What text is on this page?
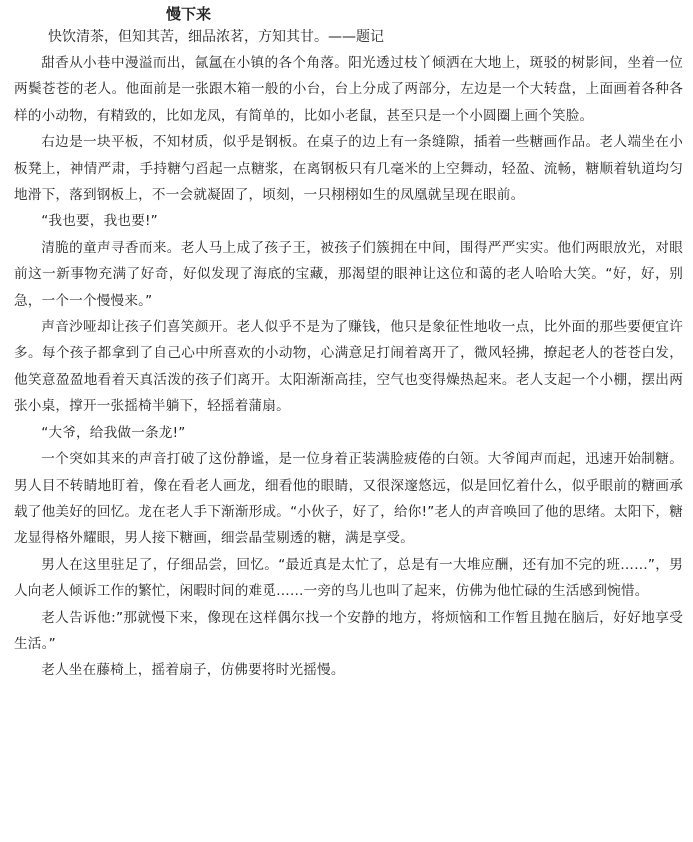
慢下来
快饮清茶，但知其苦，细品浓茗，方知其甘。——题记

甜香从小巷中漫溢而出，氤氲在小镇的各个角落。阳光透过枝丫倾洒在大地上，斑驳的树影间，坐着一位两鬓苍苍的老人。他面前是一张跟木箱一般的小台，台上分成了两部分，左边是一个大转盘，上面画着各种各样的小动物，有精致的，比如龙凤，有简单的，比如小老鼠，甚至只是一个小圆圈上画个笑脸。

右边是一块平板，不知材质，似乎是钢板。在桌子的边上有一条缝隙，插着一些糖画作品。老人端坐在小板凳上，神情严肃，手持糖勺舀起一点糖浆，在离钢板只有几毫米的上空舞动，轻盈、流畅，糖顺着轨道均匀地滑下，落到钢板上，不一会就凝固了，顷刻，一只栩栩如生的凤凰就呈现在眼前。

“我也要，我也要!”

清脆的童声寻香而来。老人马上成了孩子王，被孩子们簇拥在中间，围得严严实实。他们两眼放光，对眼前这一新事物充满了好奇，好似发现了海底的宝藏，那渴望的眼神让这位和蔼的老人哈哈大笑。“好，好，别急，一个一个慢慢来。”

声音沙哑却让孩子们喜笑颜开。老人似乎不是为了赚钱，他只是象征性地收一点，比外面的那些要便宜许多。每个孩子都拿到了自己心中所喜欢的小动物，心满意足打闹着离开了，微风轻拂，撩起老人的苍苍白发，他笑意盈盈地看着天真活泼的孩子们离开。太阳渐渐高挂，空气也变得燥热起来。老人支起一个小棚，摆出两张小桌，撑开一张摇椅半躺下，轻摇着蒲扇。

“大爷，给我做一条龙!”

一个突如其来的声音打破了这份静谧，是一位身着正装满脸疲倦的白领。大爷闻声而起，迅速开始制糖。男人目不转睛地盯着，像在看老人画龙，细看他的眼睛，又很深邃悠远，似是回忆着什么，似乎眼前的糖画承载了他美好的回忆。龙在老人手下渐渐形成。“小伙子，好了，给你!”老人的声音唤回了他的思绪。太阳下，糖龙显得格外耀眼，男人接下糖画，细尝晶莹剔透的糖，满是享受。

男人在这里驻足了，仔细品尝，回忆。“最近真是太忙了，总是有一大堆应酬，还有加不完的班……”，男人向老人倾诉工作的繁忙，闲暇时间的难觅……一旁的鸟儿也叫了起来，仿佛为他忙碌的生活感到惋惜。

老人告诉他:”那就慢下来，像现在这样偶尔找一个安静的地方，将烦恼和工作暂且抛在脑后，好好地享受生活。”

老人坐在藤椅上，摇着扇子，仿佛要将时光摇慢。
